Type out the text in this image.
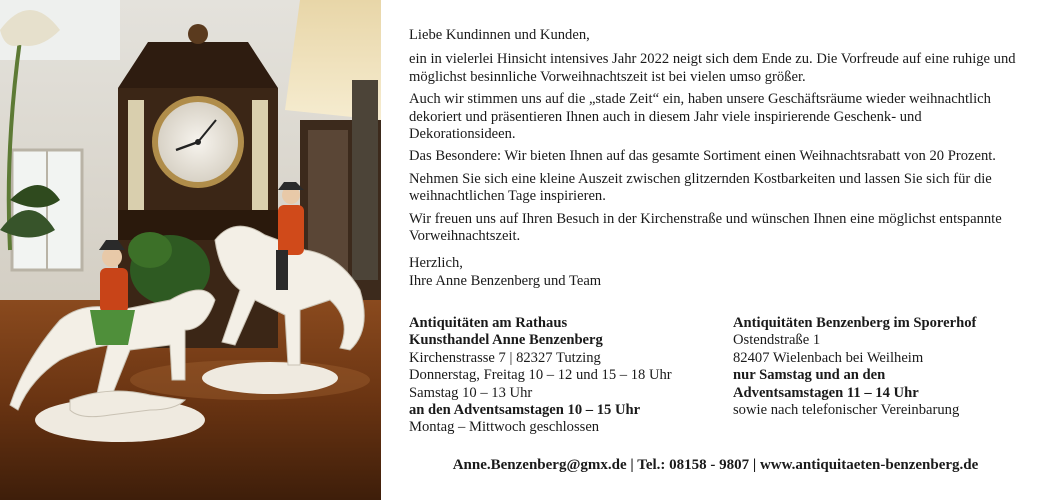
Liebe Kundinnen und Kunden,

ein in vielerlei Hinsicht intensives Jahr 2022 neigt sich dem Ende zu. Die Vorfreude auf eine ruhige und möglichst besinnliche Vorweihnachtszeit ist bei vielen umso größer.

Auch wir stimmen uns auf die „stade Zeit“ ein, haben unsere Geschäftsräume wieder weihnachtlich dekoriert und präsentieren Ihnen auch in diesem Jahr viele inspirierende Geschenk- und Dekorationsideen.

Das Besondere: Wir bieten Ihnen auf das gesamte Sortiment einen Weihnachtsrabatt von 20 Prozent.

Nehmen Sie sich eine kleine Auszeit zwischen glitzernden Kostbarkeiten und lassen Sie sich für die weihnachtlichen Tage inspirieren.

Wir freuen uns auf Ihren Besuch in der Kirchenstraße und wünschen Ihnen eine möglichst entspannte Vorweihnachtszeit.

Herzlich,
Ihre Anne Benzenberg und Team

Antiquitäten am Rathaus
Kunsthandel Anne Benzenberg
Kirchenstrasse 7 | 82327 Tutzing
Donnerstag, Freitag 10 – 12 und 15 – 18 Uhr
Samstag 10 – 13 Uhr
an den Adventsamstagen 10 – 15 Uhr
Montag – Mittwoch geschlossen
Antiquitäten Benzenberg im Sporerhof
Ostendstraße 1
82407 Wielenbach bei Weilheim
nur Samstag und an den
Adventsamstagen 11 – 14 Uhr
sowie nach telefonischer Vereinbarung
Anne.Benzenberg@gmx.de | Tel.: 08158 - 9807 | www.antiquitaeten-benzenberg.de
